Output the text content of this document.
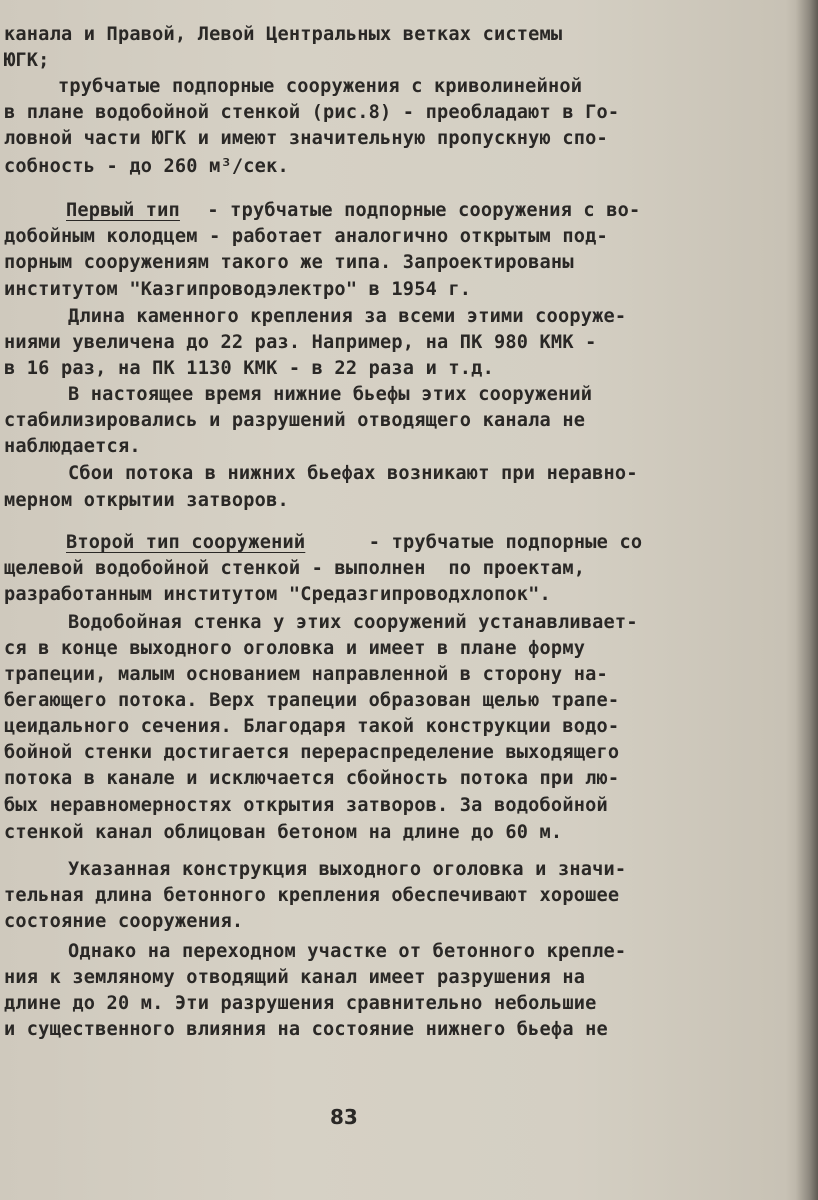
канала и Правой, Левой Центральных ветках системы
ЮГК;
трубчатые подпорные сооружения с криволинейной
в плане водобойной стенкой (рис.8) - преобладают в Го-
ловной части ЮГК и имеют значительную пропускную спо-
собность - до 260 м³/сек.
Первый тип - трубчатые подпорные сооружения с во-
добойным колодцем - работает аналогично открытым под-
порным сооружениям такого же типа. Запроектированы
институтом "Казгипроводэлектро" в 1954 г.
Длина каменного крепления за всеми этими сооруже-
ниями увеличена до 22 раз. Например, на ПК 980 КМК -
в 16 раз, на ПК 1130 КМК - в 22 раза и т.д.
В настоящее время нижние бьефы этих сооружений
стабилизировались и разрушений отводящего канала не
наблюдается.
Сбои потока в нижних бьефах возникают при неравно-
мерном открытии затворов.
Второй тип сооружений - трубчатые подпорные со
щелевой водобойной стенкой - выполнен  по проектам,
разработанным институтом "Средазгипроводхлопок".
Водобойная стенка у этих сооружений устанавливает-
ся в конце выходного оголовка и имеет в плане форму
трапеции, малым основанием направленной в сторону на-
бегающего потока. Верх трапеции образован щелью трапе-
цеидального сечения. Благодаря такой конструкции водо-
бойной стенки достигается перераспределение выходящего
потока в канале и исключается сбойность потока при лю-
бых неравномерностях открытия затворов. За водобойной
стенкой канал облицован бетоном на длине до 60 м.
Указанная конструкция выходного оголовка и значи-
тельная длина бетонного крепления обеспечивают хорошее
состояние сооружения.
Однако на переходном участке от бетонного крепле-
ния к земляному отводящий канал имеет разрушения на
длине до 20 м. Эти разрушения сравнительно небольшие
и существенного влияния на состояние нижнего бьефа не
83
